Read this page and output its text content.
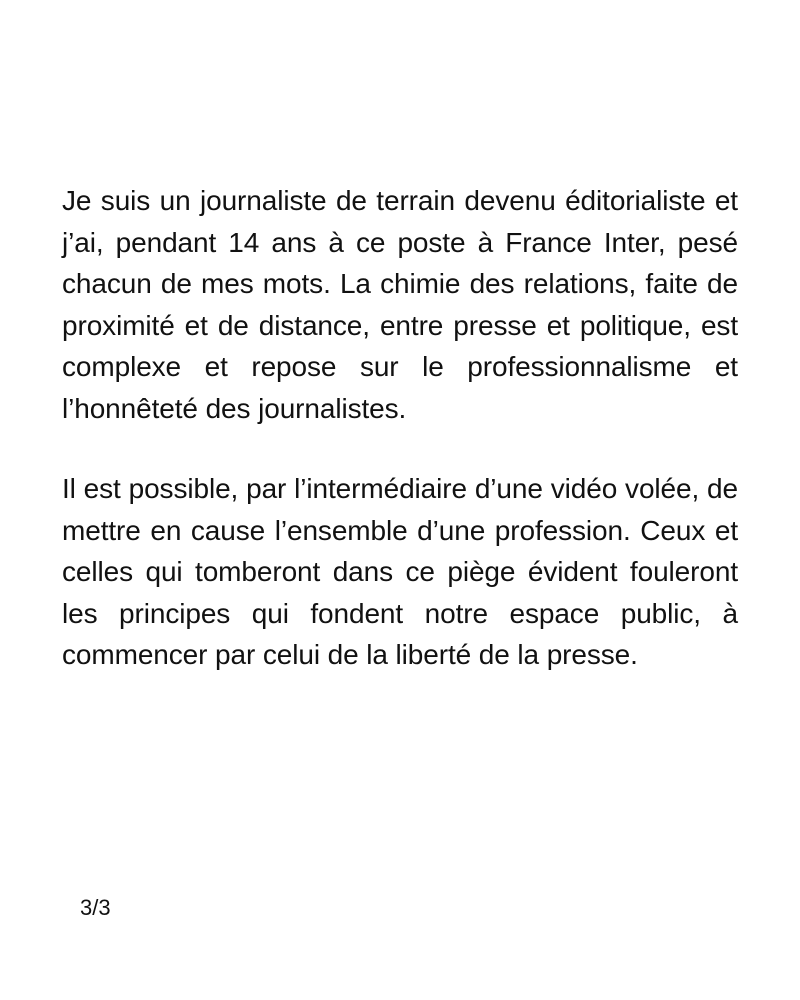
Je suis un journaliste de terrain devenu éditorialiste et j’ai, pendant 14 ans à ce poste à France Inter, pesé chacun de mes mots. La chimie des relations, faite de proximité et de distance, entre presse et politique, est complexe et repose sur le professionnalisme et l’honnêteté des journalistes.

Il est possible, par l’intermédiaire d’une vidéo volée, de mettre en cause l’ensemble d’une profession. Ceux et celles qui tomberont dans ce piège évident fouleront les principes qui fondent notre espace public, à commencer par celui de la liberté de la presse.

3/3
